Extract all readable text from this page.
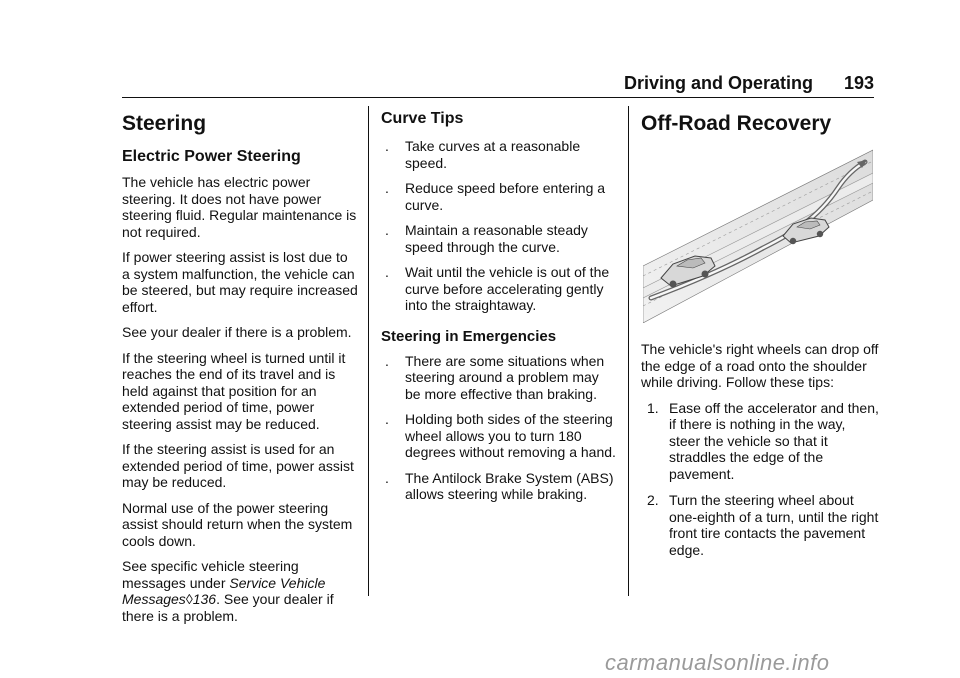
Driving and Operating 193
Steering
Electric Power Steering

The vehicle has electric power steering. It does not have power steering fluid. Regular maintenance is not required.

If power steering assist is lost due to a system malfunction, the vehicle can be steered, but may require increased effort.

See your dealer if there is a problem.

If the steering wheel is turned until it reaches the end of its travel and is held against that position for an extended period of time, power steering assist may be reduced.

If the steering assist is used for an extended period of time, power assist may be reduced.

Normal use of the power steering assist should return when the system cools down.

See specific vehicle steering messages under Service Vehicle Messages◊136. See your dealer if there is a problem.

Curve Tips
. Take curves at a reasonable speed.
. Reduce speed before entering a curve.
. Maintain a reasonable steady speed through the curve.
. Wait until the vehicle is out of the curve before accelerating gently into the straightaway.
Steering in Emergencies
. There are some situations when steering around a problem may be more effective than braking.
. Holding both sides of the steering wheel allows you to turn 180 degrees without removing a hand.
. The Antilock Brake System (ABS) allows steering while braking.
Off-Road Recovery

The vehicle's right wheels can drop off the edge of a road onto the shoulder while driving. Follow these tips:

1. Ease off the accelerator and then, if there is nothing in the way, steer the vehicle so that it straddles the edge of the pavement.
2. Turn the steering wheel about one-eighth of a turn, until the right front tire contacts the pavement edge.
carmanualsonline.info
